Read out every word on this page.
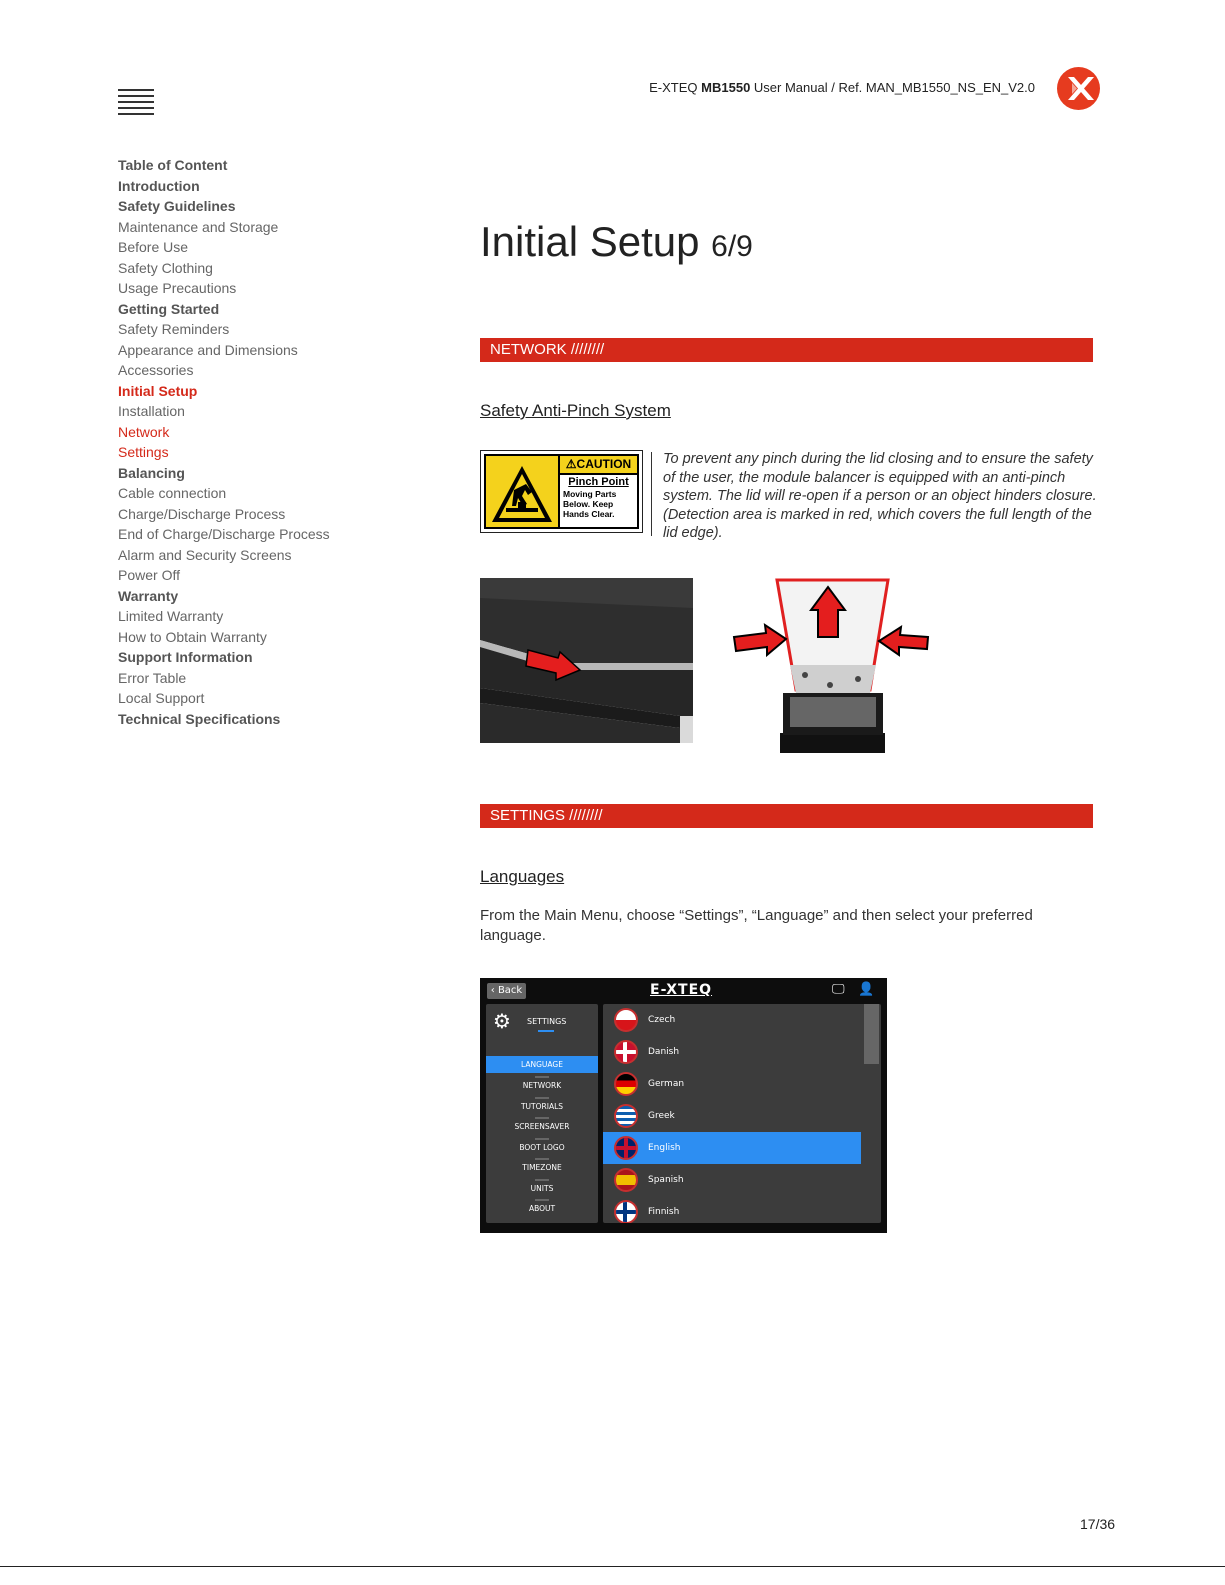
E-XTEQ MB1550 User Manual / Ref. MAN_MB1550_NS_EN_V2.0
Table of Content
Introduction
Safety Guidelines
Maintenance and Storage
Before Use
Safety Clothing
Usage Precautions
Getting Started
Safety Reminders
Appearance and Dimensions
Accessories
Initial Setup
Installation
Network
Settings
Balancing
Cable connection
Charge/Discharge Process
End of Charge/Discharge Process
Alarm and Security Screens
Power Off
Warranty
Limited Warranty
How to Obtain Warranty
Support Information
Error Table
Local Support
Technical Specifications
Initial Setup 6/9
NETWORK ////////
Safety Anti-Pinch System
⚠CAUTION
Pinch Point
Moving Parts Below. Keep Hands Clear.
To prevent any pinch during the lid closing and to ensure the safety of the user, the module balancer is equipped with an anti-pinch system. The lid will re-open if a person or an object hinders closure. (Detection area is marked in red, which covers the full length of the lid edge).
SETTINGS ////////
Languages
From the Main Menu, choose “Settings”, “Language” and then select your preferred language.
‹ Back	E-XTEQ	🖵 👤
⚙ SETTINGS
LANGUAGE
NETWORK
TUTORIALS
SCREENSAVER
BOOT LOGO
TIMEZONE
UNITS
ABOUT
Czech
Danish
German
Greek
English
Spanish
Finnish
17/36
